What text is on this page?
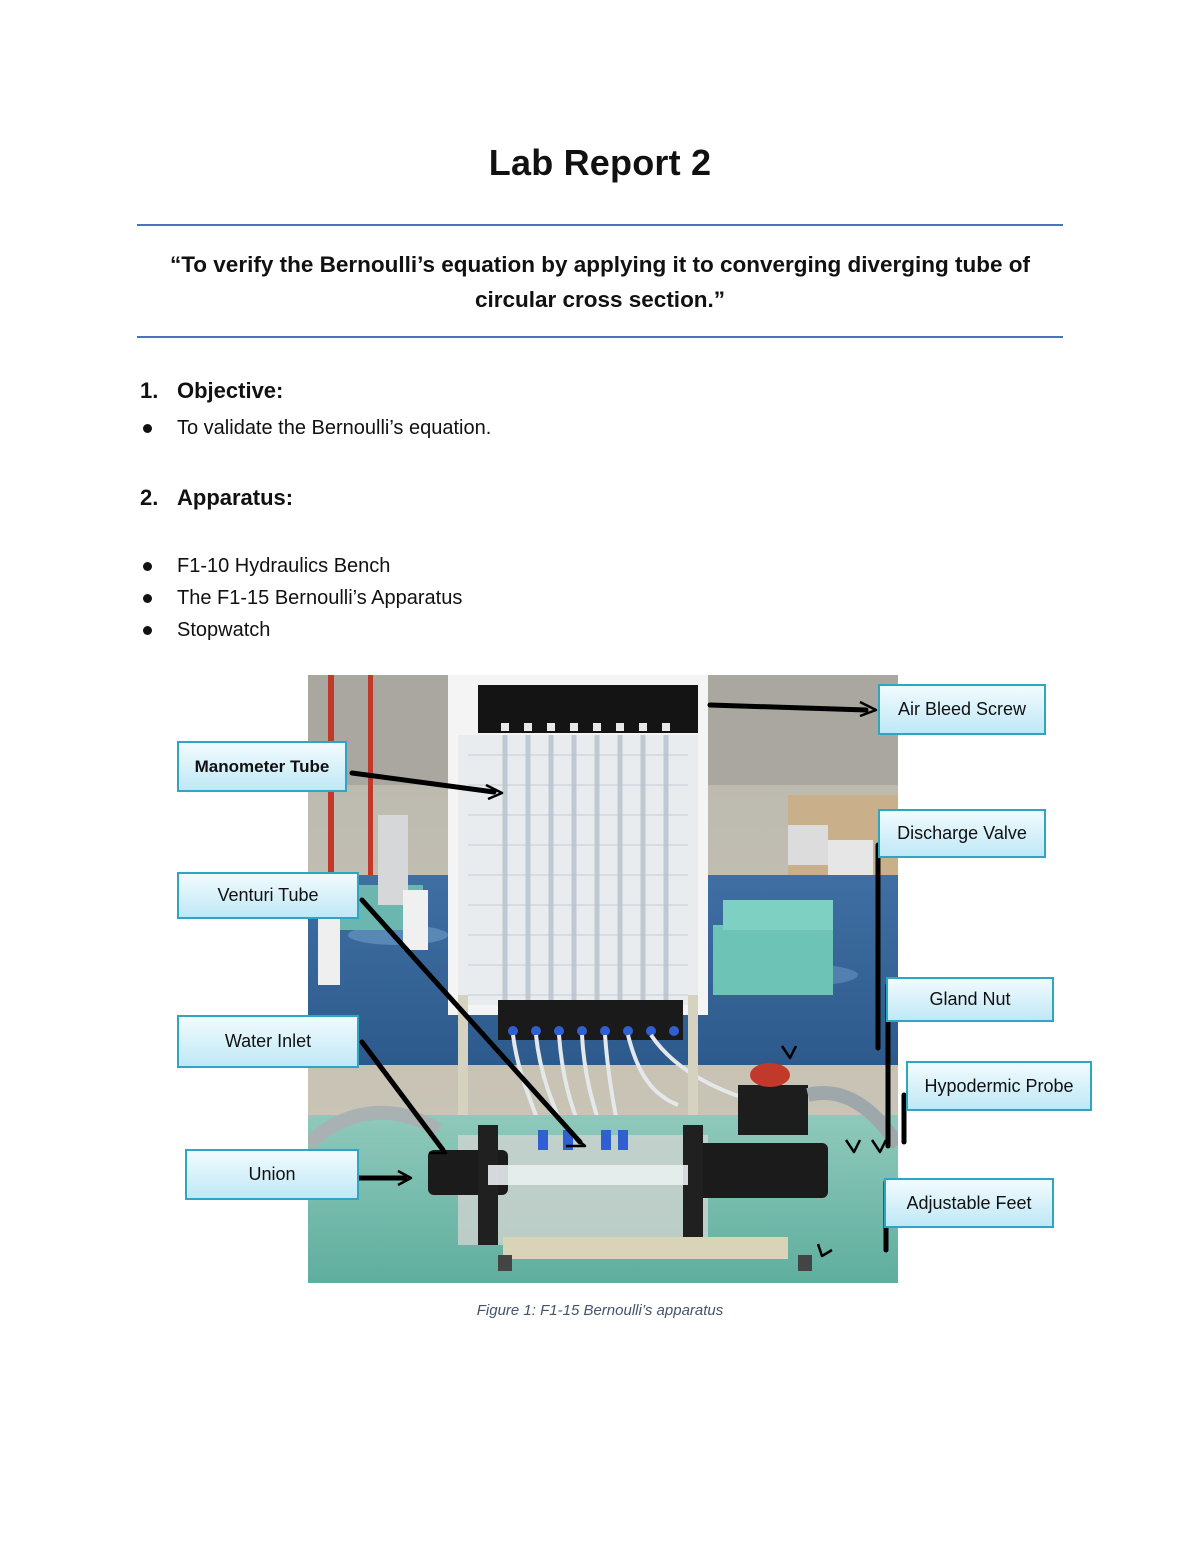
Lab Report 2
“To verify the Bernoulli’s equation by applying it to converging diverging tube of
circular cross section.”
1. Objective:
To validate the Bernoulli’s equation.
2. Apparatus:
F1-10 Hydraulics Bench
The F1-15 Bernoulli’s Apparatus
Stopwatch
Manometer Tube
Venturi Tube
Water Inlet
Union
Air Bleed Screw
Discharge Valve
Gland Nut
Hypodermic Probe
Adjustable Feet
Figure 1: F1-15 Bernoulli’s apparatus
